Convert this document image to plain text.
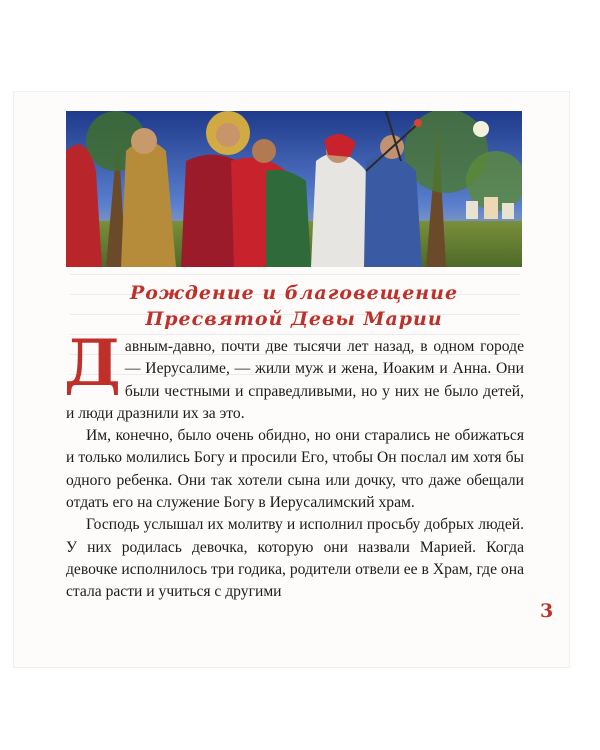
Рождение и благовещение
Пресвятой Девы Марии

Давным-давно, почти две тысячи лет назад, в одном городе — Иерусалиме, — жили муж и жена, Иоаким и Анна. Они были честными и справедливыми, но у них не было детей, и люди дразнили их за это.

Им, конечно, было очень обидно, но они старались не обижаться и только молились Богу и просили Его, чтобы Он послал им хотя бы одного ребенка. Они так хотели сына или дочку, что даже обещали отдать его на служение Богу в Иерусалимский храм.

Господь услышал их молитву и исполнил просьбу добрых людей. У них родилась девочка, которую они назвали Марией. Когда девочке исполнилось три годика, родители отвели ее в Храм, где она стала расти и учиться с другими

3
